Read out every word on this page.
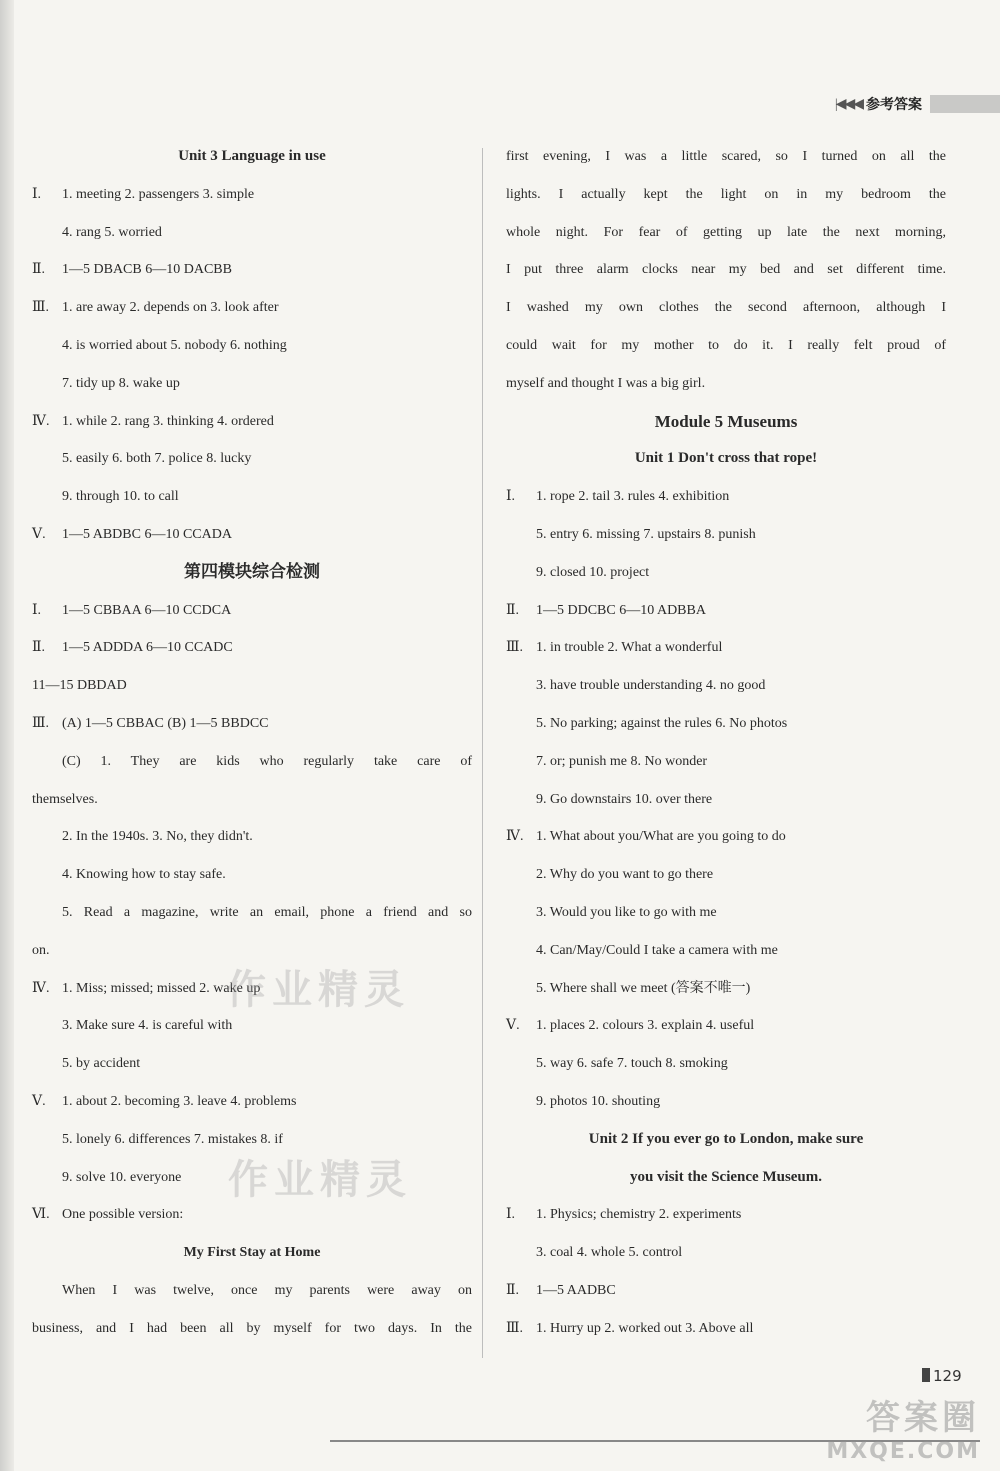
|◀◀◀ 参考答案
Unit 3 Language in use
Ⅰ. 1. meeting 2. passengers 3. simple
4. rang 5. worried
Ⅱ. 1—5 DBACB 6—10 DACBB
Ⅲ. 1. are away 2. depends on 3. look after
4. is worried about 5. nobody 6. nothing
7. tidy up 8. wake up
Ⅳ. 1. while 2. rang 3. thinking 4. ordered
5. easily 6. both 7. police 8. lucky
9. through 10. to call
Ⅴ. 1—5 ABDBC 6—10 CCADA
第四模块综合检测
Ⅰ. 1—5 CBBAA 6—10 CCDCA
Ⅱ. 1—5 ADDDA 6—10 CCADC
11—15 DBDAD
Ⅲ. (A) 1—5 CBBAC (B) 1—5 BBDCC
(C) 1. They are kids who regularly take care of
themselves.
2. In the 1940s. 3. No, they didn't.
4. Knowing how to stay safe.
5. Read a magazine, write an email, phone a friend and so
on.
Ⅳ. 1. Miss; missed; missed 2. wake up
3. Make sure 4. is careful with
5. by accident
Ⅴ. 1. about 2. becoming 3. leave 4. problems
5. lonely 6. differences 7. mistakes 8. if
9. solve 10. everyone
Ⅵ. One possible version:
My First Stay at Home
When I was twelve, once my parents were away on
business, and I had been all by myself for two days. In the
first evening, I was a little scared, so I turned on all the
lights. I actually kept the light on in my bedroom the
whole night. For fear of getting up late the next morning,
I put three alarm clocks near my bed and set different time.
I washed my own clothes the second afternoon, although I
could wait for my mother to do it. I really felt proud of
myself and thought I was a big girl.
Module 5 Museums
Unit 1 Don't cross that rope!
Ⅰ. 1. rope 2. tail 3. rules 4. exhibition
5. entry 6. missing 7. upstairs 8. punish
9. closed 10. project
Ⅱ. 1—5 DDCBC 6—10 ADBBA
Ⅲ. 1. in trouble 2. What a wonderful
3. have trouble understanding 4. no good
5. No parking; against the rules 6. No photos
7. or; punish me 8. No wonder
9. Go downstairs 10. over there
Ⅳ. 1. What about you/What are you going to do
2. Why do you want to go there
3. Would you like to go with me
4. Can/May/Could I take a camera with me
5. Where shall we meet (答案不唯一)
Ⅴ. 1. places 2. colours 3. explain 4. useful
5. way 6. safe 7. touch 8. smoking
9. photos 10. shouting
Unit 2 If you ever go to London, make sure
you visit the Science Museum.
Ⅰ. 1. Physics; chemistry 2. experiments
3. coal 4. whole 5. control
Ⅱ. 1—5 AADBC
Ⅲ. 1. Hurry up 2. worked out 3. Above all
作业精灵
作业精灵
129
答案圈
MXQE.COM
